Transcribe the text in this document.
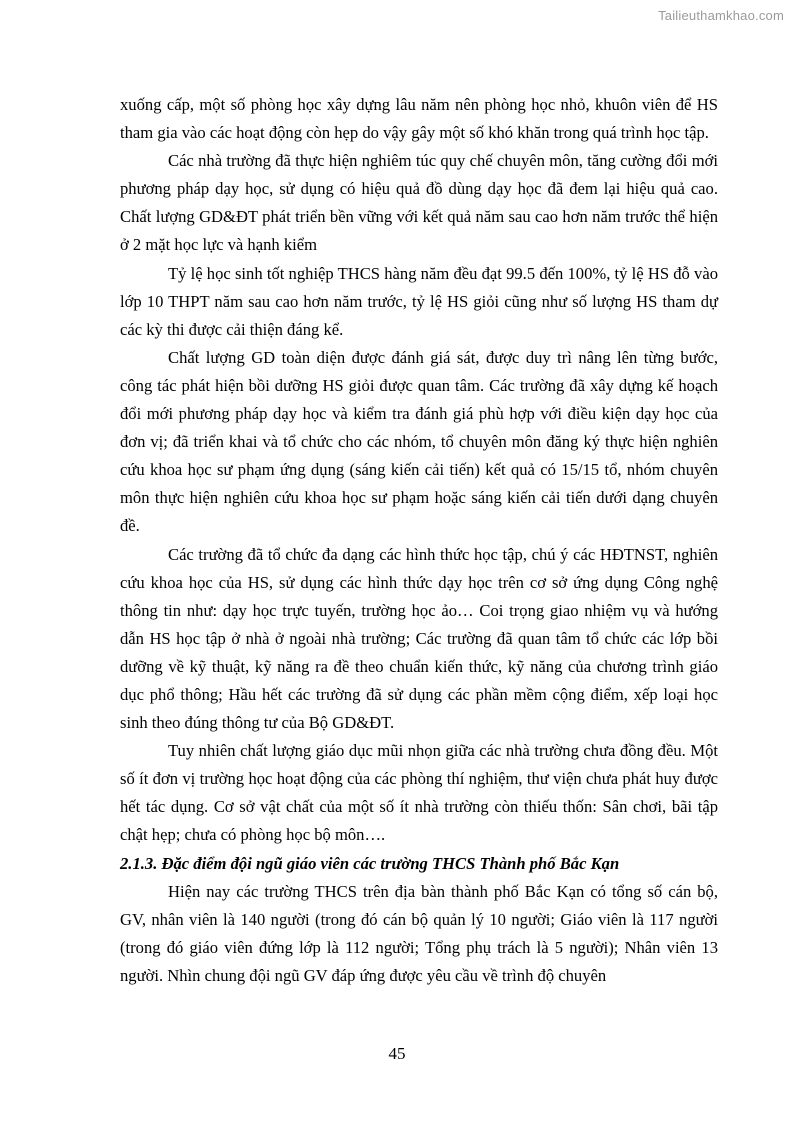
Tailieuthamkhao.com

xuống cấp, một số phòng học xây dựng lâu năm nên phòng học nhỏ, khuôn viên để HS tham gia vào các hoạt động còn hẹp do vậy gây một số khó khăn trong quá trình học tập.

Các nhà trường đã thực hiện nghiêm túc quy chế chuyên môn, tăng cường đổi mới phương pháp dạy học, sử dụng có hiệu quả đồ dùng dạy học đã đem lại hiệu quả cao. Chất lượng GD&ĐT phát triển bền vững với kết quả năm sau cao hơn năm trước thể hiện ở 2 mặt học lực và hạnh kiểm

Tỷ lệ học sinh tốt nghiệp THCS hàng năm đều đạt 99.5 đến 100%, tỷ lệ HS đỗ vào lớp 10 THPT năm sau cao hơn năm trước, tỷ lệ HS giỏi cũng như số lượng HS tham dự các kỳ thi được cải thiện đáng kể.

Chất lượng GD toàn diện được đánh giá sát, được duy trì nâng lên từng bước, công tác phát hiện bồi dưỡng HS giỏi được quan tâm. Các trường đã xây dựng kế hoạch đổi mới phương pháp dạy học và kiểm tra đánh giá phù hợp với điều kiện dạy học của đơn vị; đã triển khai và tổ chức cho các nhóm, tổ chuyên môn đăng ký thực hiện nghiên cứu khoa học sư phạm ứng dụng (sáng kiến cải tiến) kết quả có 15/15 tổ, nhóm chuyên môn thực hiện nghiên cứu khoa học sư phạm hoặc sáng kiến cải tiến dưới dạng chuyên đề.

Các trường đã tổ chức đa dạng các hình thức học tập, chú ý các HĐTNST, nghiên cứu khoa học của HS, sử dụng các hình thức dạy học trên cơ sở ứng dụng Công nghệ thông tin như: dạy học trực tuyến, trường học ảo… Coi trọng giao nhiệm vụ và hướng dẫn HS học tập ở nhà ở ngoài nhà trường; Các trường đã quan tâm tổ chức các lớp bồi dưỡng về kỹ thuật, kỹ năng ra đề theo chuẩn kiến thức, kỹ năng của chương trình giáo dục phổ thông; Hầu hết các trường đã sử dụng các phần mềm cộng điểm, xếp loại học sinh theo đúng thông tư của Bộ GD&ĐT.

Tuy nhiên chất lượng giáo dục mũi nhọn giữa các nhà trường chưa đồng đều. Một số ít đơn vị trường học hoạt động của các phòng thí nghiệm, thư viện chưa phát huy được hết tác dụng. Cơ sở vật chất của một số ít nhà trường còn thiếu thốn: Sân chơi, bãi tập chật hẹp; chưa có phòng học bộ môn….

2.1.3. Đặc điểm đội ngũ giáo viên các trường THCS Thành phố Bắc Kạn

Hiện nay các trường THCS trên địa bàn thành phố Bắc Kạn có tổng số cán bộ, GV, nhân viên là 140 người (trong đó cán bộ quản lý 10 người; Giáo viên là 117 người (trong đó giáo viên đứng lớp là 112 người; Tổng phụ trách là 5 người); Nhân viên 13 người. Nhìn chung đội ngũ GV đáp ứng được yêu cầu về trình độ chuyên

45
